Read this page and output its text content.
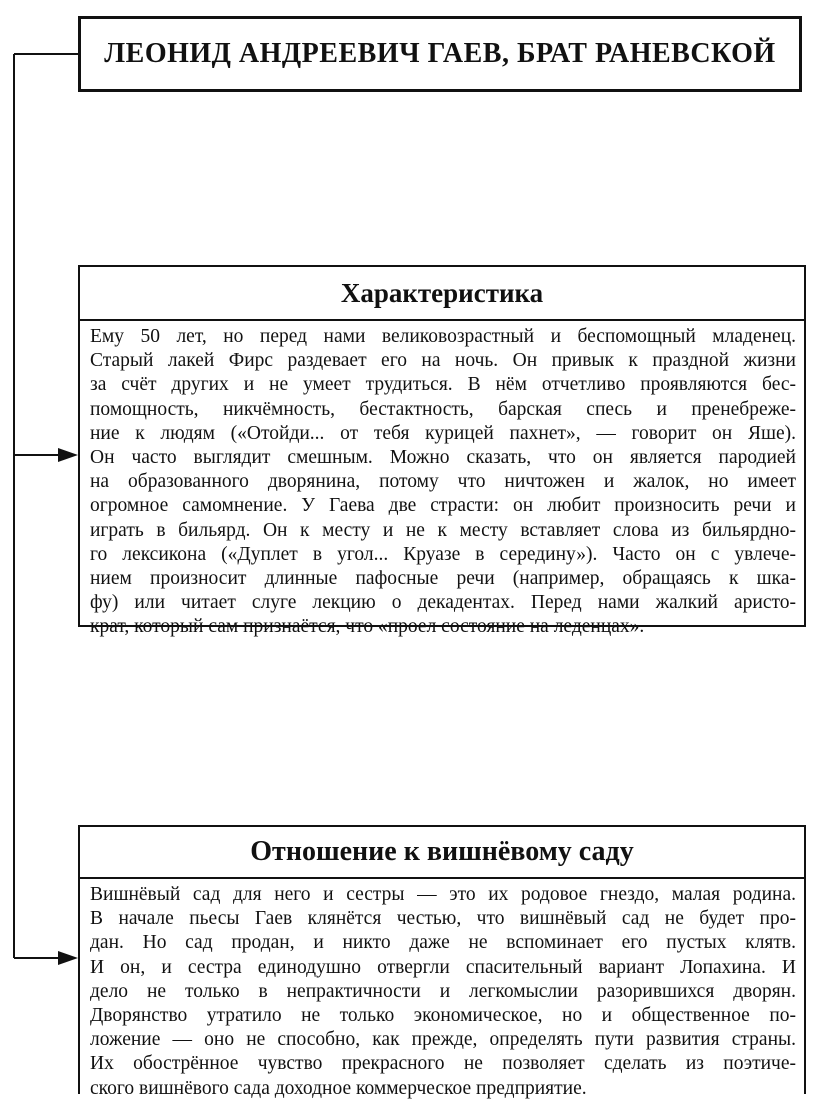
ЛЕОНИД АНДРЕЕВИЧ ГАЕВ, БРАТ РАНЕВСКОЙ
Характеристика
Ему 50 лет, но перед нами великовозрастный и беспомощный младенец.
Старый лакей Фирс раздевает его на ночь. Он привык к праздной жизни
за счёт других и не умеет трудиться. В нём отчетливо проявляются бес-
помощность, никчёмность, бестактность, барская спесь и пренебреже-
ние к людям («Отойди... от тебя курицей пахнет», — говорит он Яше).
Он часто выглядит смешным. Можно сказать, что он является пародией
на образованного дворянина, потому что ничтожен и жалок, но имеет
огромное самомнение. У Гаева две страсти: он любит произносить речи и
играть в бильярд. Он к месту и не к месту вставляет слова из бильярдно-
го лексикона («Дуплет в угол... Круазе в середину»). Часто он с увлече-
нием произносит длинные пафосные речи (например, обращаясь к шка-
фу) или читает слуге лекцию о декадентах. Перед нами жалкий аристо-
крат, который сам признаётся, что «проел состояние на леденцах».
Отношение к вишнёвому саду
Вишнёвый сад для него и сестры — это их родовое гнездо, малая родина.
В начале пьесы Гаев клянётся честью, что вишнёвый сад не будет про-
дан. Но сад продан, и никто даже не вспоминает его пустых клятв.
И он, и сестра единодушно отвергли спасительный вариант Лопахина. И
дело не только в непрактичности и легкомыслии разорившихся дворян.
Дворянство утратило не только экономическое, но и общественное по-
ложение — оно не способно, как прежде, определять пути развития страны.
Их обострённое чувство прекрасного не позволяет сделать из поэтиче-
ского вишнёвого сада доходное коммерческое предприятие.
